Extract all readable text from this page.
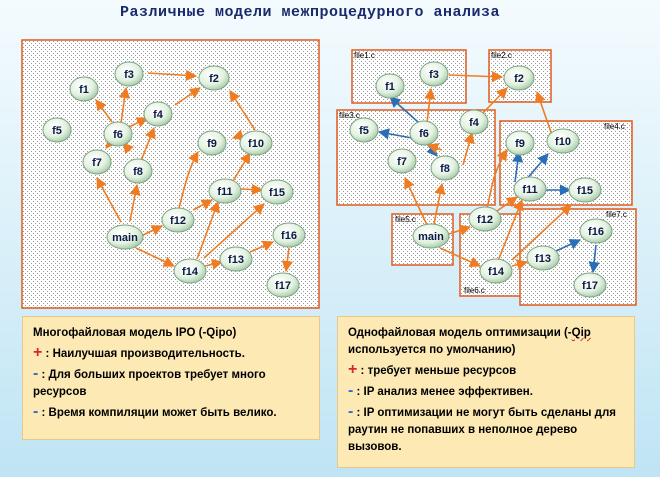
Различные модели межпроцедурного анализа
f1
f3	f2
f4
f5	f6
f7
f8
f9	f10
f11	f15
f12
main	f16
f13
f14
f17
file1.c	file2.c
file3.c
file4.c
file5.c
file6.c
file7.c
f1
f3	f2
f5	f6
f4
f7
f8
f9	f10
f11	f15
f12
main	f16
f13
f14
f17
Многофайловая модель IPO (-Qipo)
+ : Наилучшая производительность.
- : Для больших проектов требует много ресурсов
- : Время компиляции может быть велико.
Однофайловая модель оптимизации (-Qip используется по умолчанию)
+ : требует меньше ресурсов
- : IP анализ менее эффективен.
- : IP оптимизации не могут быть сделаны для раутин не попавших в неполное дерево вызовов.
